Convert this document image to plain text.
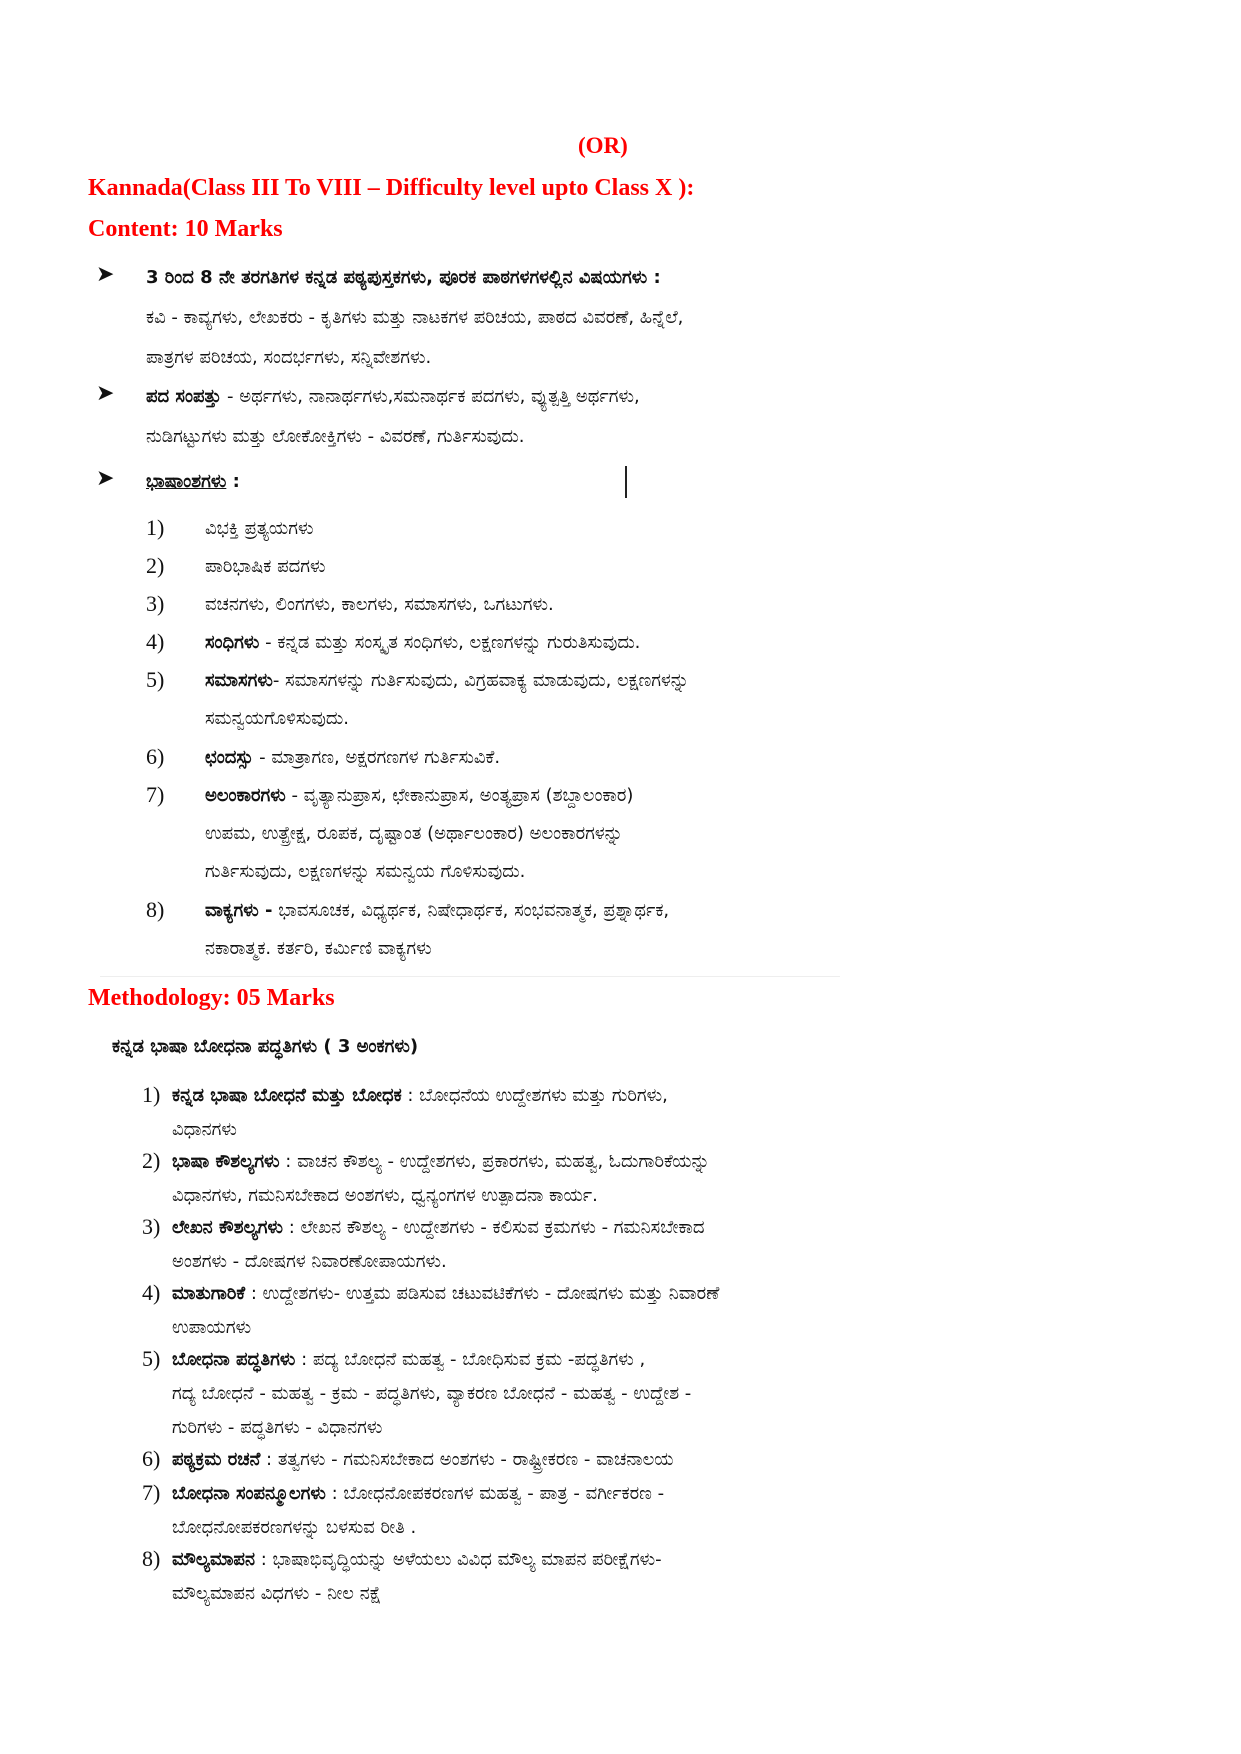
(OR)
Kannada(Class III To VIII – Difficulty level upto Class X ):
Content: 10 Marks
➤ 3 ರಿಂದ 8 ನೇ ತರಗತಿಗಳ ಕನ್ನಡ ಪಠ್ಯಪುಸ್ತಕಗಳು, ಪೂರಕ ಪಾಠಗಳಗಳಲ್ಲಿನ ವಿಷಯಗಳು :
ಕವಿ - ಕಾವ್ಯಗಳು, ಲೇಖಕರು - ಕೃತಿಗಳು ಮತ್ತು ನಾಟಕಗಳ ಪರಿಚಯ, ಪಾಠದ ವಿವರಣೆ, ಹಿನ್ನೆಲೆ,
ಪಾತ್ರಗಳ ಪರಿಚಯ, ಸಂದರ್ಭಗಳು, ಸನ್ನಿವೇಶಗಳು.
➤ ಪದ ಸಂಪತ್ತು - ಅರ್ಥಗಳು, ನಾನಾರ್ಥಗಳು,ಸಮನಾರ್ಥಕ ಪದಗಳು, ವ್ಯುತ್ಪತ್ತಿ ಅರ್ಥಗಳು,
ನುಡಿಗಟ್ಟುಗಳು ಮತ್ತು ಲೋಕೋಕ್ತಿಗಳು - ವಿವರಣೆ, ಗುರ್ತಿಸುವುದು.
➤ ಭಾಷಾಂಶಗಳು :
1) ವಿಭಕ್ತಿ ಪ್ರತ್ಯಯಗಳು
2) ಪಾರಿಭಾಷಿಕ ಪದಗಳು
3) ವಚನಗಳು, ಲಿಂಗಗಳು, ಕಾಲಗಳು, ಸಮಾಸಗಳು, ಒಗಟುಗಳು.
4) ಸಂಧಿಗಳು - ಕನ್ನಡ ಮತ್ತು ಸಂಸ್ಕೃತ ಸಂಧಿಗಳು, ಲಕ್ಷಣಗಳನ್ನು ಗುರುತಿಸುವುದು.
5) ಸಮಾಸಗಳು- ಸಮಾಸಗಳನ್ನು ಗುರ್ತಿಸುವುದು, ವಿಗ್ರಹವಾಕ್ಯ ಮಾಡುವುದು, ಲಕ್ಷಣಗಳನ್ನು
ಸಮನ್ವಯಗೊಳಿಸುವುದು.
6) ಛಂದಸ್ಸು - ಮಾತ್ರಾಗಣ, ಅಕ್ಷರಗಣಗಳ ಗುರ್ತಿಸುವಿಕೆ.
7) ಅಲಂಕಾರಗಳು - ವೃತ್ಯಾನುಪ್ರಾಸ, ಛೇಕಾನುಪ್ರಾಸ, ಅಂತ್ಯಪ್ರಾಸ (ಶಬ್ದಾಲಂಕಾರ)
ಉಪಮ, ಉತ್ಪ್ರೇಕ್ಷ, ರೂಪಕ, ದೃಷ್ಟಾಂತ (ಅರ್ಥಾಲಂಕಾರ) ಅಲಂಕಾರಗಳನ್ನು
ಗುರ್ತಿಸುವುದು, ಲಕ್ಷಣಗಳನ್ನು ಸಮನ್ವಯ ಗೊಳಿಸುವುದು.
8) ವಾಕ್ಯಗಳು - ಭಾವಸೂಚಕ, ವಿಧ್ಯರ್ಥಕ, ನಿಷೇಧಾರ್ಥಕ, ಸಂಭವನಾತ್ಮಕ, ಪ್ರಶ್ನಾರ್ಥಕ,
ನಕಾರಾತ್ಮಕ. ಕರ್ತರಿ, ಕರ್ಮಿಣಿ ವಾಕ್ಯಗಳು
Methodology: 05 Marks
ಕನ್ನಡ ಭಾಷಾ ಬೋಧನಾ ಪದ್ಧತಿಗಳು ( 3 ಅಂಕಗಳು)
1) ಕನ್ನಡ ಭಾಷಾ ಬೋಧನೆ ಮತ್ತು ಬೋಧಕ : ಬೋಧನೆಯ ಉದ್ದೇಶಗಳು ಮತ್ತು ಗುರಿಗಳು,
ವಿಧಾನಗಳು
2) ಭಾಷಾ ಕೌಶಲ್ಯಗಳು : ವಾಚನ ಕೌಶಲ್ಯ - ಉದ್ದೇಶಗಳು, ಪ್ರಕಾರಗಳು, ಮಹತ್ವ, ಓದುಗಾರಿಕೆಯನ್ನು
ವಿಧಾನಗಳು, ಗಮನಿಸಬೇಕಾದ ಅಂಶಗಳು, ಧ್ವನ್ಯಂಗಗಳ ಉತ್ಪಾದನಾ ಕಾರ್ಯ.
3) ಲೇಖನ ಕೌಶಲ್ಯಗಳು : ಲೇಖನ ಕೌಶಲ್ಯ - ಉದ್ದೇಶಗಳು - ಕಲಿಸುವ ಕ್ರಮಗಳು - ಗಮನಿಸಬೇಕಾದ
ಅಂಶಗಳು - ದೋಷಗಳ ನಿವಾರಣೋಪಾಯಗಳು.
4) ಮಾತುಗಾರಿಕೆ : ಉದ್ದೇಶಗಳು- ಉತ್ತಮ ಪಡಿಸುವ ಚಟುವಟಿಕೆಗಳು - ದೋಷಗಳು ಮತ್ತು ನಿವಾರಣೆ
ಉಪಾಯಗಳು
5) ಬೋಧನಾ ಪದ್ಧತಿಗಳು : ಪದ್ಯ ಬೋಧನೆ ಮಹತ್ವ - ಬೋಧಿಸುವ ಕ್ರಮ -ಪದ್ಧತಿಗಳು ,
ಗದ್ಯ ಬೋಧನೆ - ಮಹತ್ವ - ಕ್ರಮ - ಪದ್ಧತಿಗಳು, ವ್ಯಾಕರಣ ಬೋಧನೆ - ಮಹತ್ವ - ಉದ್ದೇಶ -
ಗುರಿಗಳು - ಪದ್ಧತಿಗಳು - ವಿಧಾನಗಳು
6) ಪಠ್ಯಕ್ರಮ ರಚನೆ : ತತ್ವಗಳು - ಗಮನಿಸಬೇಕಾದ ಅಂಶಗಳು - ರಾಷ್ಟ್ರೀಕರಣ - ವಾಚನಾಲಯ
7) ಬೋಧನಾ ಸಂಪನ್ಮೂಲಗಳು : ಬೋಧನೋಪಕರಣಗಳ ಮಹತ್ವ - ಪಾತ್ರ - ವರ್ಗೀಕರಣ -
ಬೋಧನೋಪಕರಣಗಳನ್ನು ಬಳಸುವ ರೀತಿ .
8) ಮೌಲ್ಯಮಾಪನ : ಭಾಷಾಭಿವೃದ್ಧಿಯನ್ನು ಅಳೆಯಲು ವಿವಿಧ ಮೌಲ್ಯ ಮಾಪನ ಪರೀಕ್ಷೆಗಳು-
ಮೌಲ್ಯಮಾಪನ ವಿಧಗಳು - ನೀಲ ನಕ್ಷೆ
